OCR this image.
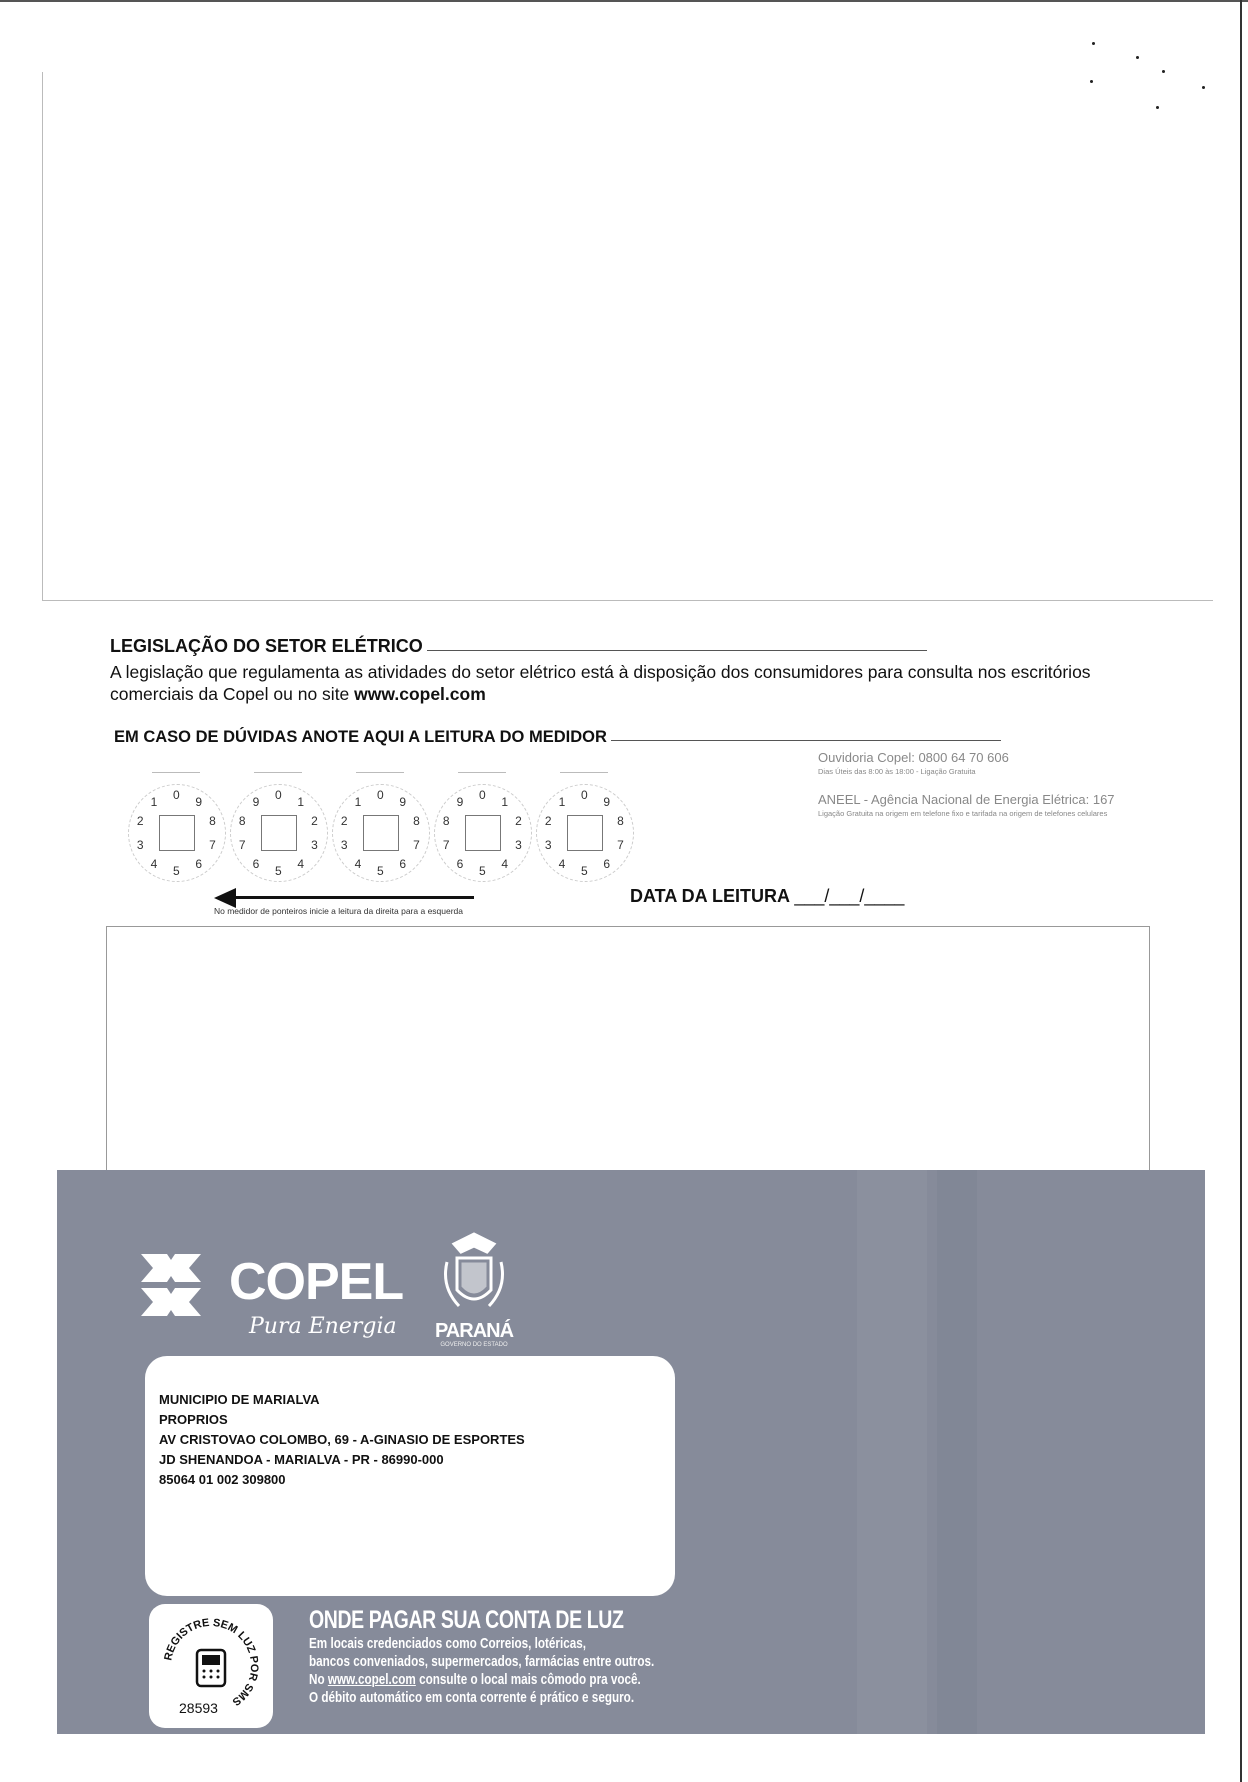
LEGISLAÇÃO DO SETOR ELÉTRICO
A legislação que regulamenta as atividades do setor elétrico está à disposição dos consumidores para consulta nos escritórios comerciais da Copel ou no site www.copel.com
EM CASO DE DÚVIDAS ANOTE AQUI A LEITURA DO MEDIDOR
0
1
2
3
4
5
6
7
8
9
0
1
2
3
4
5
6
7
8
9
0
1
2
3
4
5
6
7
8
9
0
1
2
3
4
5
6
7
8
9
0
1
2
3
4
5
6
7
8
9
No medidor de ponteiros inicie a leitura da direita para a esquerda
Ouvidoria Copel: 0800 64 70 606
Dias Úteis das 8:00 às 18:00 - Ligação Gratuita
ANEEL - Agência Nacional de Energia Elétrica: 167
Ligação Gratuita na origem em telefone fixo e tarifada na origem de telefones celulares
DATA DA LEITURA ___/___/____
COPEL
Pura Energia PARANÁ
GOVERNO DO ESTADO
MUNICIPIO DE MARIALVA
PROPRIOS
AV CRISTOVAO COLOMBO, 69 - A-GINASIO DE ESPORTES
JD SHENANDOA - MARIALVA - PR - 86990-000
85064 01 002 309800
REGISTRE SEM LUZ POR SMS
28593
ONDE PAGAR SUA CONTA DE LUZ
Em locais credenciados como Correios, lotéricas,
bancos conveniados, supermercados, farmácias entre outros.
No www.copel.com consulte o local mais cômodo pra você.
O débito automático em conta corrente é prático e seguro.
